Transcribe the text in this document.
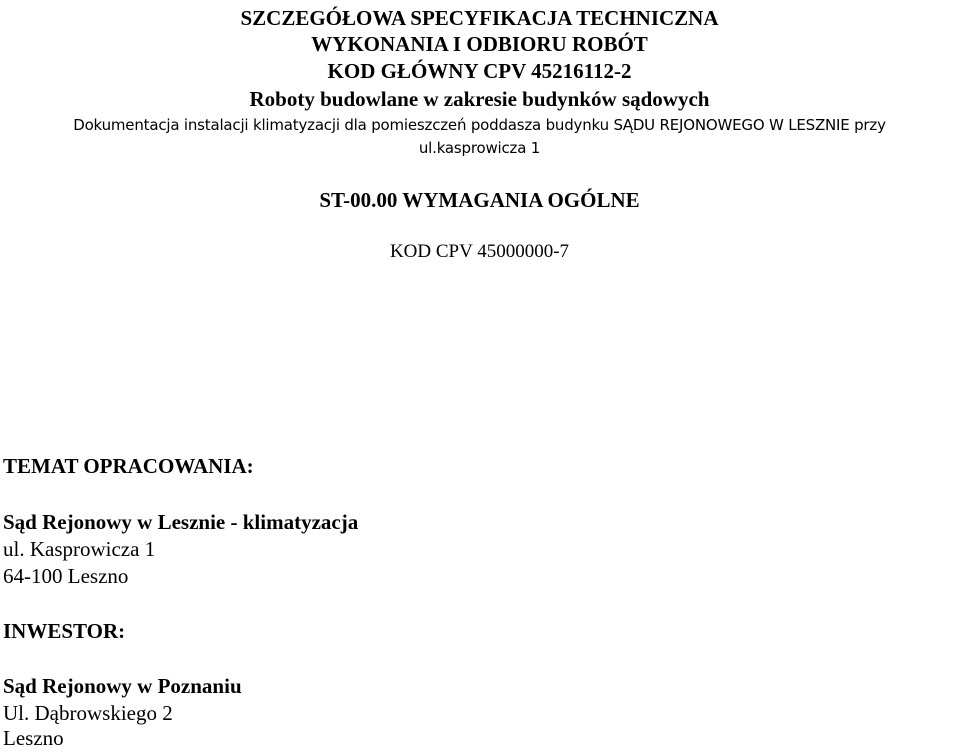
SZCZEGÓŁOWA SPECYFIKACJA TECHNICZNA
WYKONANIA I ODBIORU ROBÓT
KOD GŁÓWNY CPV 45216112-2
Roboty budowlane w zakresie budynków sądowych
Dokumentacja instalacji klimatyzacji dla pomieszczeń poddasza budynku SĄDU REJONOWEGO W LESZNIE przy
ul.kasprowicza 1
ST-00.00 WYMAGANIA OGÓLNE
KOD CPV 45000000-7
TEMAT OPRACOWANIA:
Sąd Rejonowy w Lesznie - klimatyzacja
ul. Kasprowicza 1
64-100 Leszno
INWESTOR:
Sąd Rejonowy w Poznaniu
Ul. Dąbrowskiego 2
Leszno
